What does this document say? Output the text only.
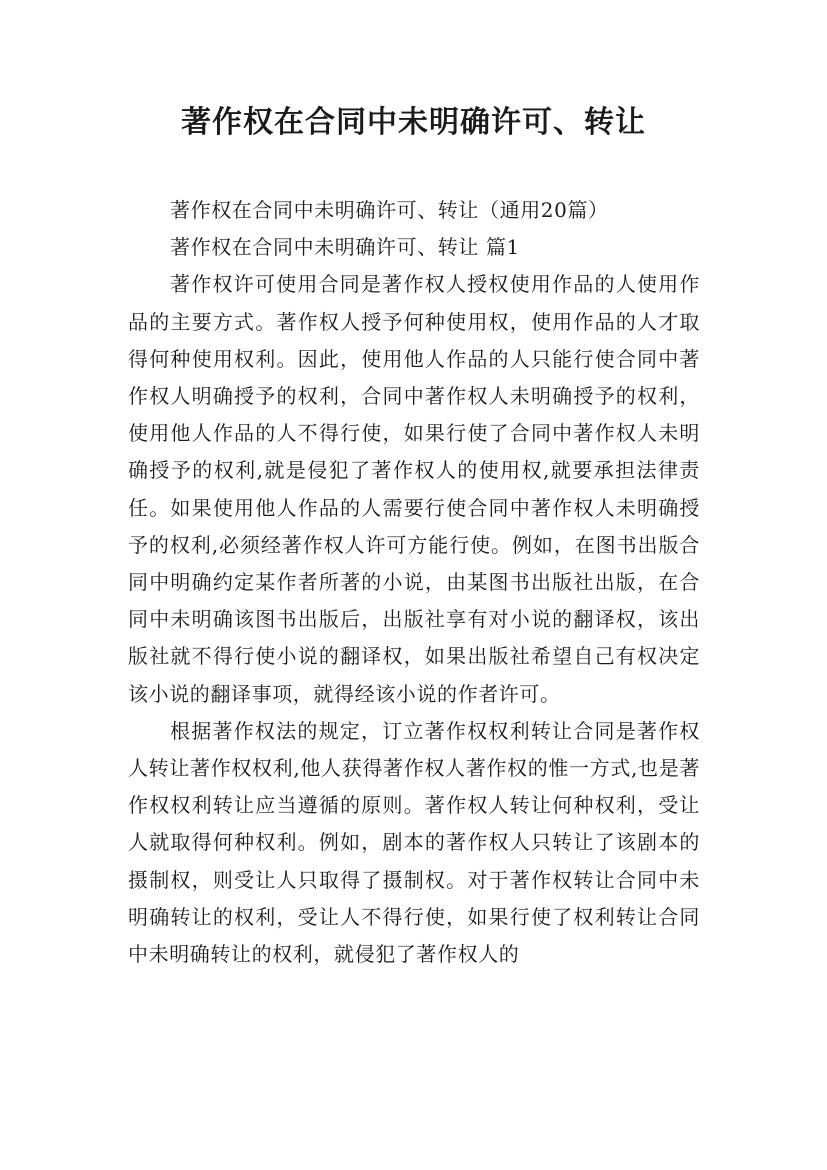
著作权在合同中未明确许可、转让

著作权在合同中未明确许可、转让（通用20篇）

著作权在合同中未明确许可、转让 篇1

著作权许可使用合同是著作权人授权使用作品的人使用作品的主要方式。著作权人授予何种使用权，使用作品的人才取得何种使用权利。因此，使用他人作品的人只能行使合同中著作权人明确授予的权利，合同中著作权人未明确授予的权利，使用他人作品的人不得行使，如果行使了合同中著作权人未明确授予的权利,就是侵犯了著作权人的使用权,就要承担法律责任。如果使用他人作品的人需要行使合同中著作权人未明确授予的权利,必须经著作权人许可方能行使。例如，在图书出版合同中明确约定某作者所著的小说，由某图书出版社出版，在合同中未明确该图书出版后，出版社享有对小说的翻译权，该出版社就不得行使小说的翻译权，如果出版社希望自己有权决定该小说的翻译事项，就得经该小说的作者许可。

根据著作权法的规定，订立著作权权利转让合同是著作权人转让著作权权利,他人获得著作权人著作权的惟一方式,也是著作权权利转让应当遵循的原则。著作权人转让何种权利，受让人就取得何种权利。例如，剧本的著作权人只转让了该剧本的摄制权，则受让人只取得了摄制权。对于著作权转让合同中未明确转让的权利，受让人不得行使，如果行使了权利转让合同中未明确转让的权利，就侵犯了著作权人的
